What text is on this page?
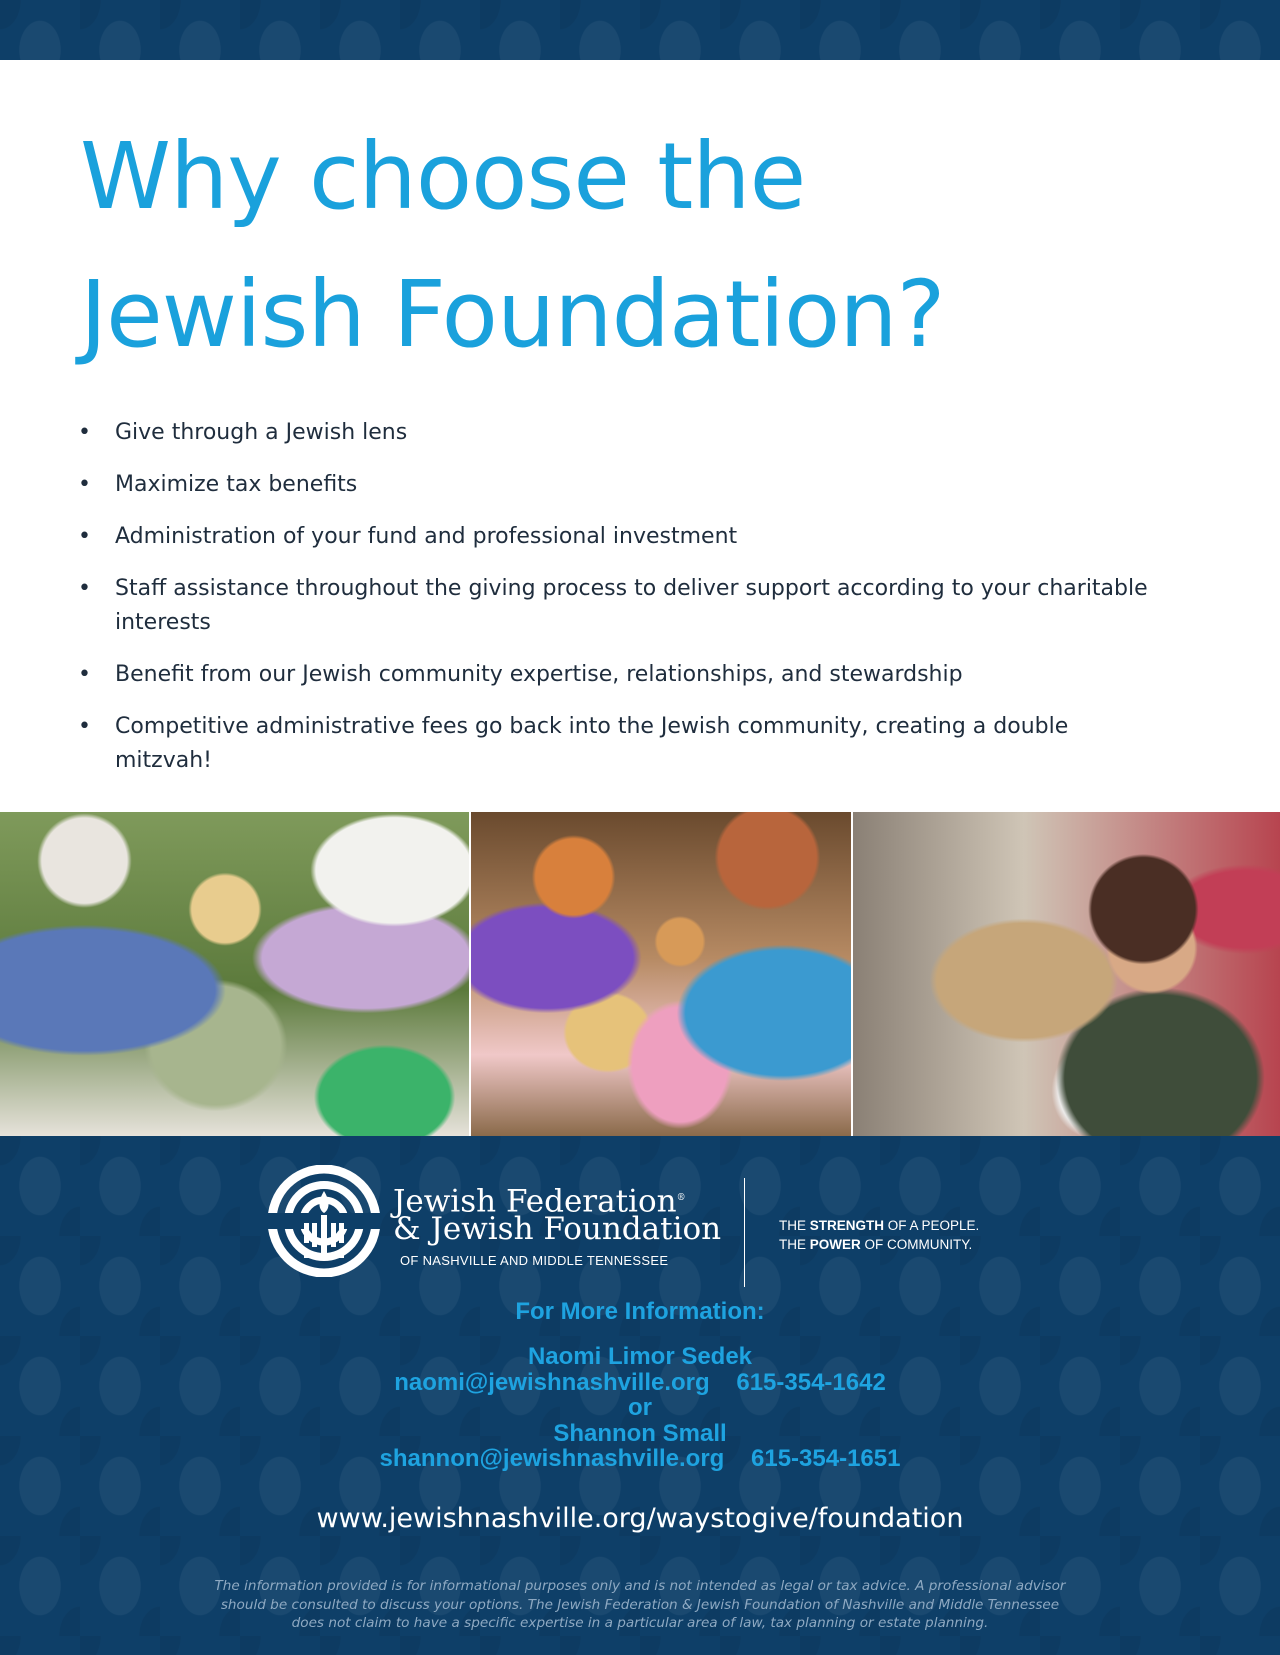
Why choose the
Jewish Foundation?
• Give through a Jewish lens
• Maximize tax benefits
• Administration of your fund and professional investment
• Staff assistance throughout the giving process to deliver support according to your charitable interests
• Benefit from our Jewish community expertise, relationships, and stewardship
• Competitive administrative fees go back into the Jewish community, creating a double mitzvah!
Jewish Federation®
& Jewish Foundation
OF NASHVILLE AND MIDDLE TENNESSEE
THE STRENGTH OF A PEOPLE.
THE POWER OF COMMUNITY.
For More Information:
Naomi Limor Sedek
naomi@jewishnashville.org    615-354-1642
or
Shannon Small
shannon@jewishnashville.org    615-354-1651
www.jewishnashville.org/waystogive/foundation
The information provided is for informational purposes only and is not intended as legal or tax advice. A professional advisor
should be consulted to discuss your options. The Jewish Federation & Jewish Foundation of Nashville and Middle Tennessee
does not claim to have a specific expertise in a particular area of law, tax planning or estate planning.
